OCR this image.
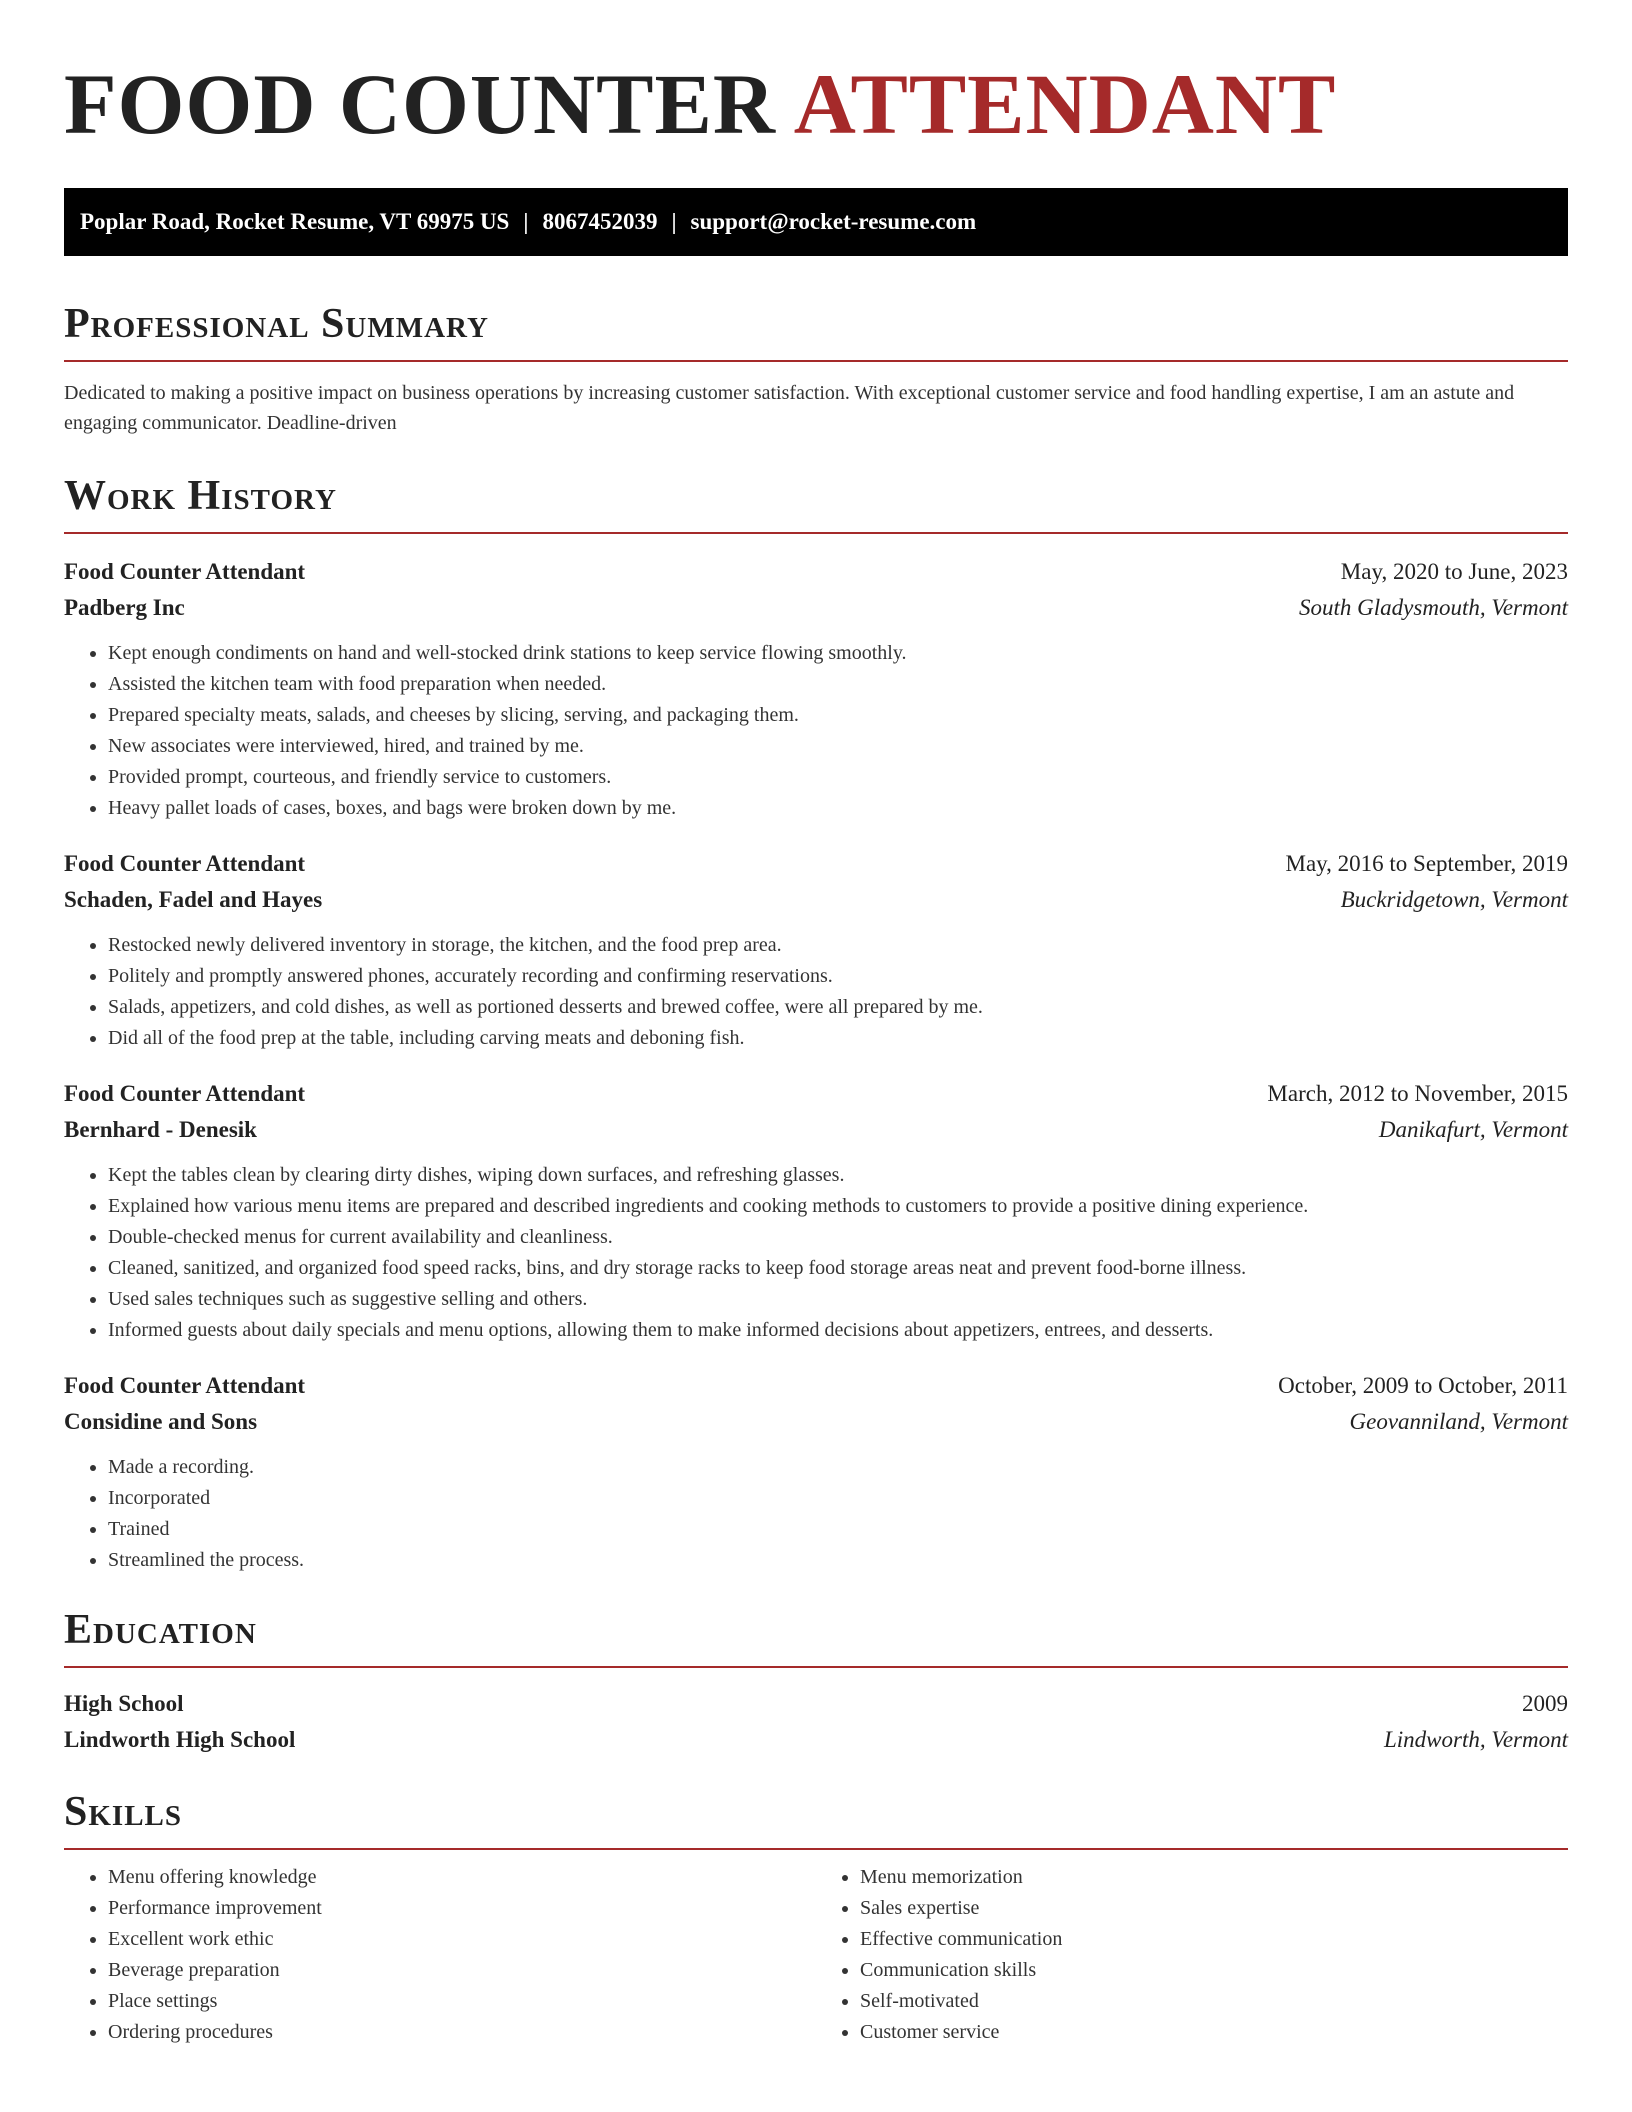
FOOD COUNTER ATTENDANT
Poplar Road, Rocket Resume, VT 69975 US | 8067452039 | support@rocket-resume.com
Professional Summary

Dedicated to making a positive impact on business operations by increasing customer satisfaction. With exceptional customer service and food handling expertise, I am an astute and engaging communicator. Deadline-driven

Work History
Food Counter Attendant	May, 2020 to June, 2023
Padberg Inc	South Gladysmouth, Vermont
• Kept enough condiments on hand and well-stocked drink stations to keep service flowing smoothly.
• Assisted the kitchen team with food preparation when needed.
• Prepared specialty meats, salads, and cheeses by slicing, serving, and packaging them.
• New associates were interviewed, hired, and trained by me.
• Provided prompt, courteous, and friendly service to customers.
• Heavy pallet loads of cases, boxes, and bags were broken down by me.
Food Counter Attendant	May, 2016 to September, 2019
Schaden, Fadel and Hayes	Buckridgetown, Vermont
• Restocked newly delivered inventory in storage, the kitchen, and the food prep area.
• Politely and promptly answered phones, accurately recording and confirming reservations.
• Salads, appetizers, and cold dishes, as well as portioned desserts and brewed coffee, were all prepared by me.
• Did all of the food prep at the table, including carving meats and deboning fish.
Food Counter Attendant	March, 2012 to November, 2015
Bernhard - Denesik	Danikafurt, Vermont
• Kept the tables clean by clearing dirty dishes, wiping down surfaces, and refreshing glasses.
• Explained how various menu items are prepared and described ingredients and cooking methods to customers to provide a positive dining experience.
• Double-checked menus for current availability and cleanliness.
• Cleaned, sanitized, and organized food speed racks, bins, and dry storage racks to keep food storage areas neat and prevent food-borne illness.
• Used sales techniques such as suggestive selling and others.
• Informed guests about daily specials and menu options, allowing them to make informed decisions about appetizers, entrees, and desserts.
Food Counter Attendant	October, 2009 to October, 2011
Considine and Sons	Geovanniland, Vermont
• Made a recording.
• Incorporated
• Trained
• Streamlined the process.
Education
High School	2009
Lindworth High School	Lindworth, Vermont
Skills
• Menu offering knowledge
• Performance improvement
• Excellent work ethic
• Beverage preparation
• Place settings
• Ordering procedures
• Menu memorization
• Sales expertise
• Effective communication
• Communication skills
• Self-motivated
• Customer service
